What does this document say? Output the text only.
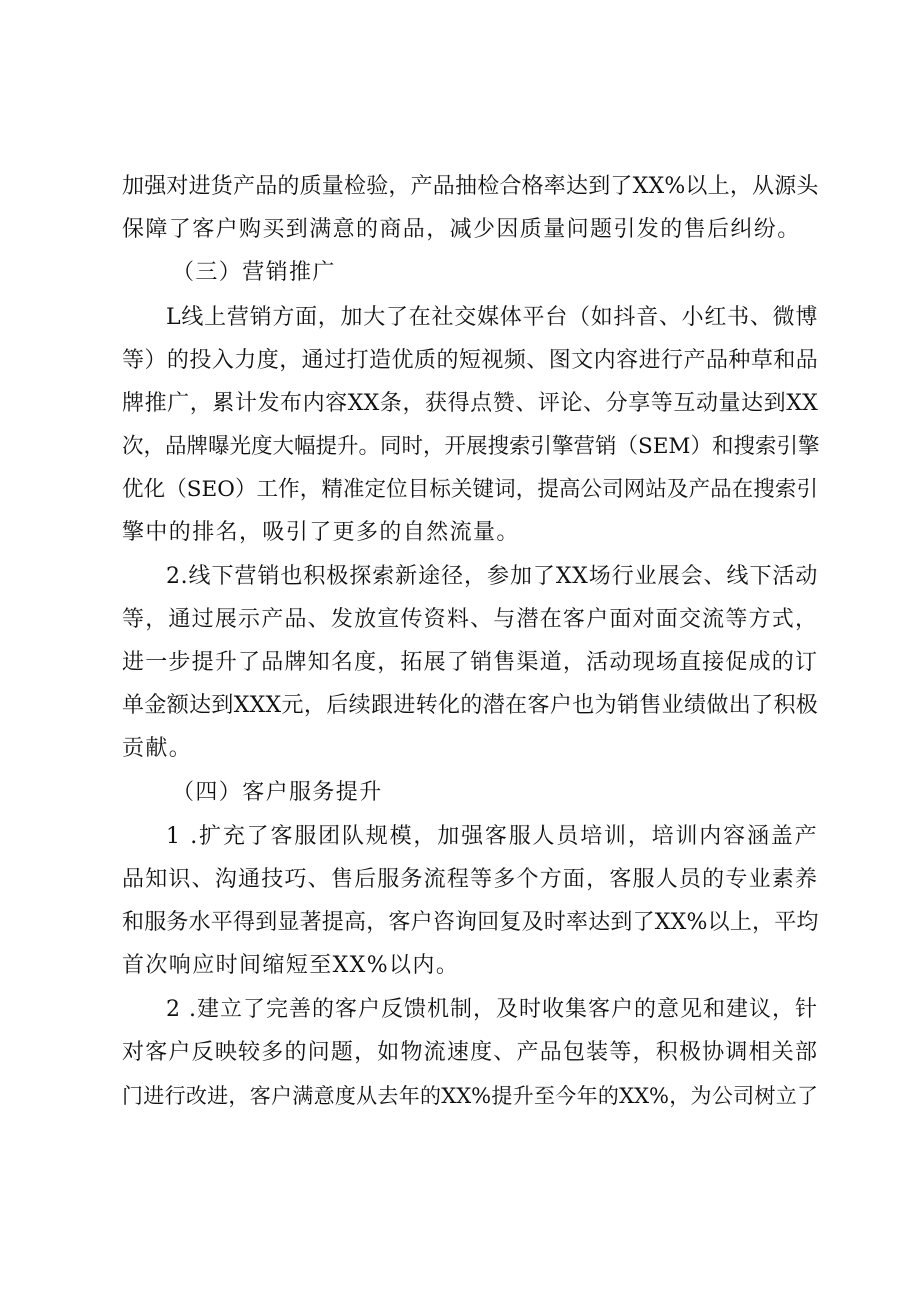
加强对进货产品的质量检验，产品抽检合格率达到了XX%以上，从源头
保障了客户购买到满意的商品，减少因质量问题引发的售后纠纷。
（三）营销推广
L线上营销方面，加大了在社交媒体平台（如抖音、小红书、微博
等）的投入力度，通过打造优质的短视频、图文内容进行产品种草和品
牌推广，累计发布内容XX条，获得点赞、评论、分享等互动量达到XX
次，品牌曝光度大幅提升。同时，开展搜索引擎营销（SEM）和搜索引擎
优化（SEO）工作，精准定位目标关键词，提高公司网站及产品在搜索引
擎中的排名，吸引了更多的自然流量。
2.线下营销也积极探索新途径，参加了XX场行业展会、线下活动
等，通过展示产品、发放宣传资料、与潜在客户面对面交流等方式，
进一步提升了品牌知名度，拓展了销售渠道，活动现场直接促成的订
单金额达到XXX元，后续跟进转化的潜在客户也为销售业绩做出了积极
贡献。
（四）客户服务提升
1 .扩充了客服团队规模，加强客服人员培训，培训内容涵盖产
品知识、沟通技巧、售后服务流程等多个方面，客服人员的专业素养
和服务水平得到显著提高，客户咨询回复及时率达到了XX%以上，平均
首次响应时间缩短至XX%以内。
2 .建立了完善的客户反馈机制，及时收集客户的意见和建议，针
对客户反映较多的问题，如物流速度、产品包装等，积极协调相关部
门进行改进，客户满意度从去年的XX%提升至今年的XX%，为公司树立了
